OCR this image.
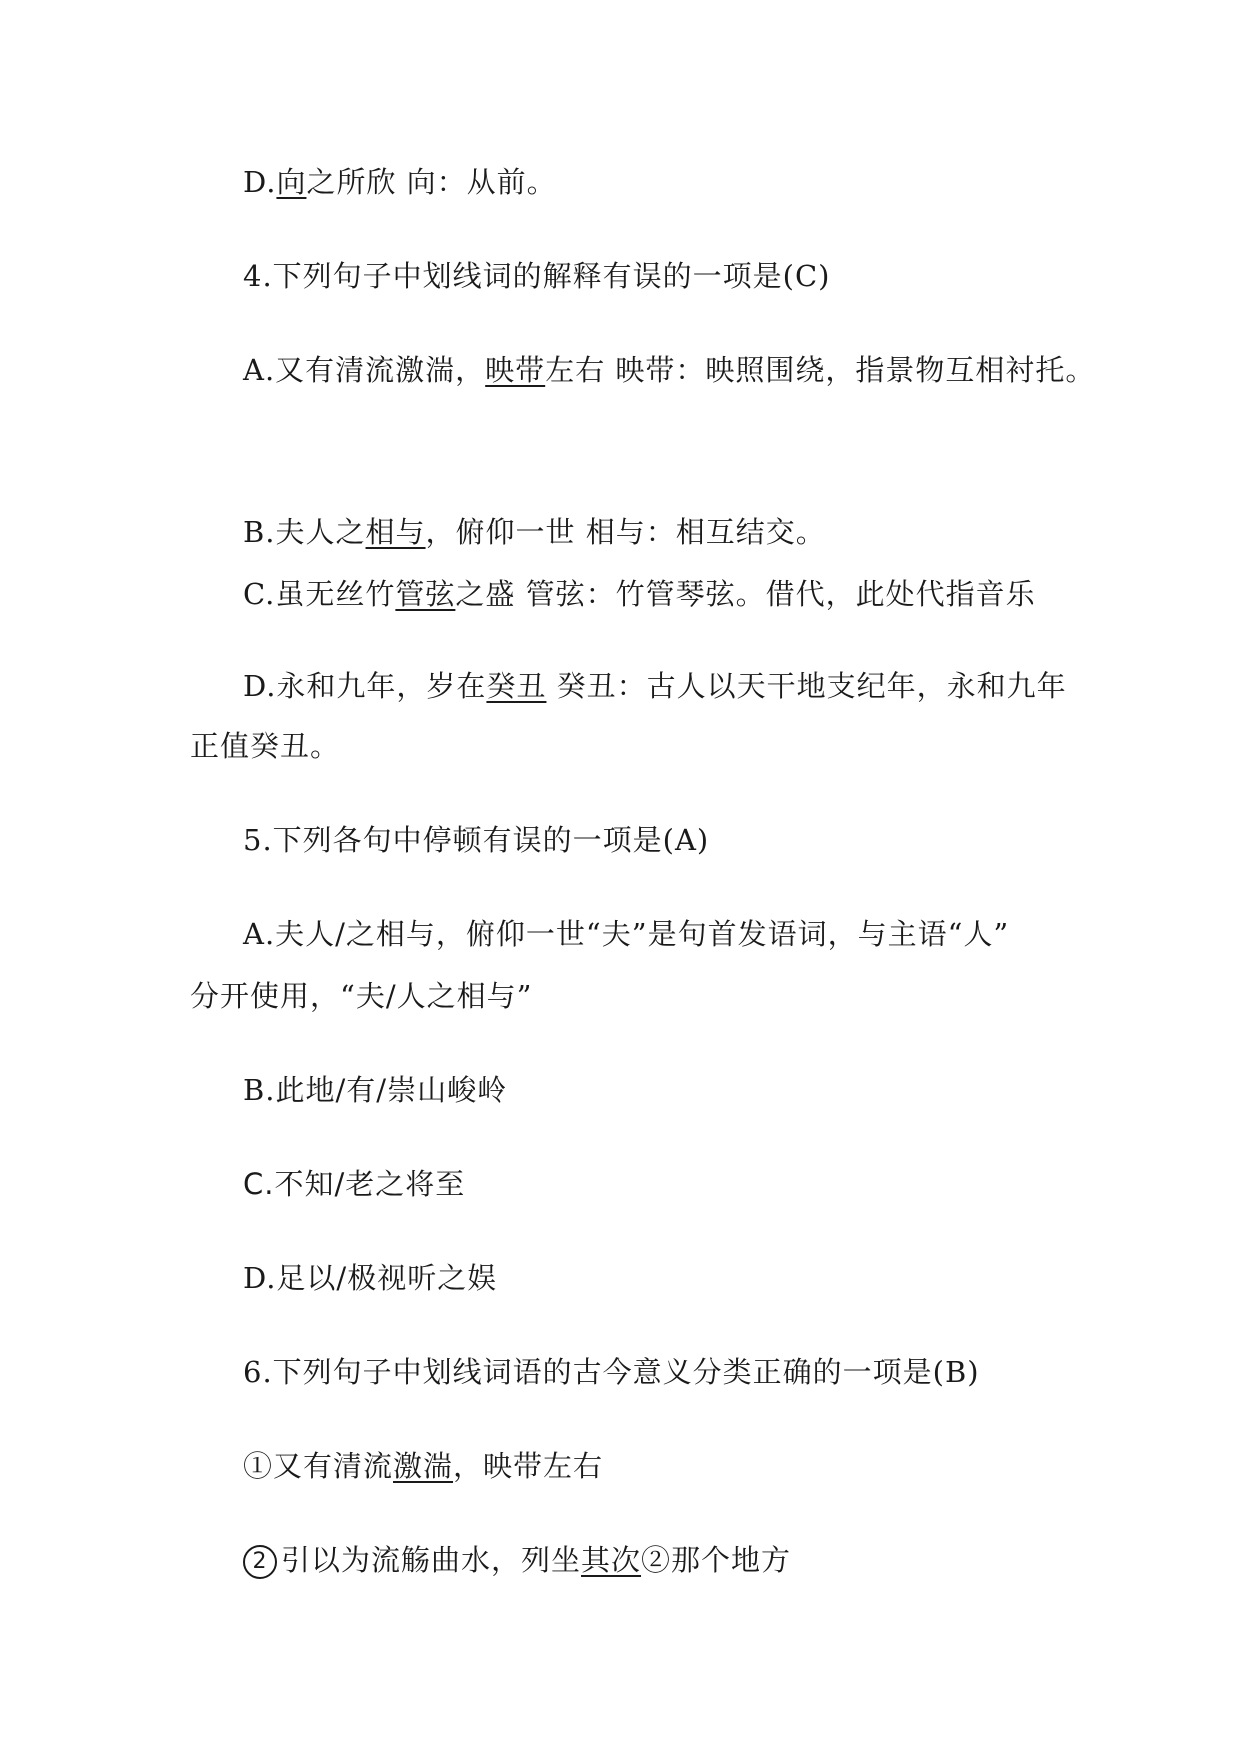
D.向之所欣 向：从前。
4.下列句子中划线词的解释有误的一项是(C)
A.又有清流激湍，映带左右 映带：映照围绕，指景物互相衬托。
B.夫人之相与，俯仰一世 相与：相互结交。
C.虽无丝竹管弦之盛 管弦：竹管琴弦。借代，此处代指音乐
D.永和九年，岁在癸丑 癸丑：古人以天干地支纪年，永和九年
正值癸丑。
5.下列各句中停顿有误的一项是(A)
A.夫人/之相与，俯仰一世“夫”是句首发语词，与主语“人”
分开使用，“夫/人之相与”
B.此地/有/崇山峻岭
C.不知/老之将至
D.足以/极视听之娱
6.下列句子中划线词语的古今意义分类正确的一项是(B)
①又有清流激湍，映带左右
2 引以为流觞曲水，列坐其次②那个地方
